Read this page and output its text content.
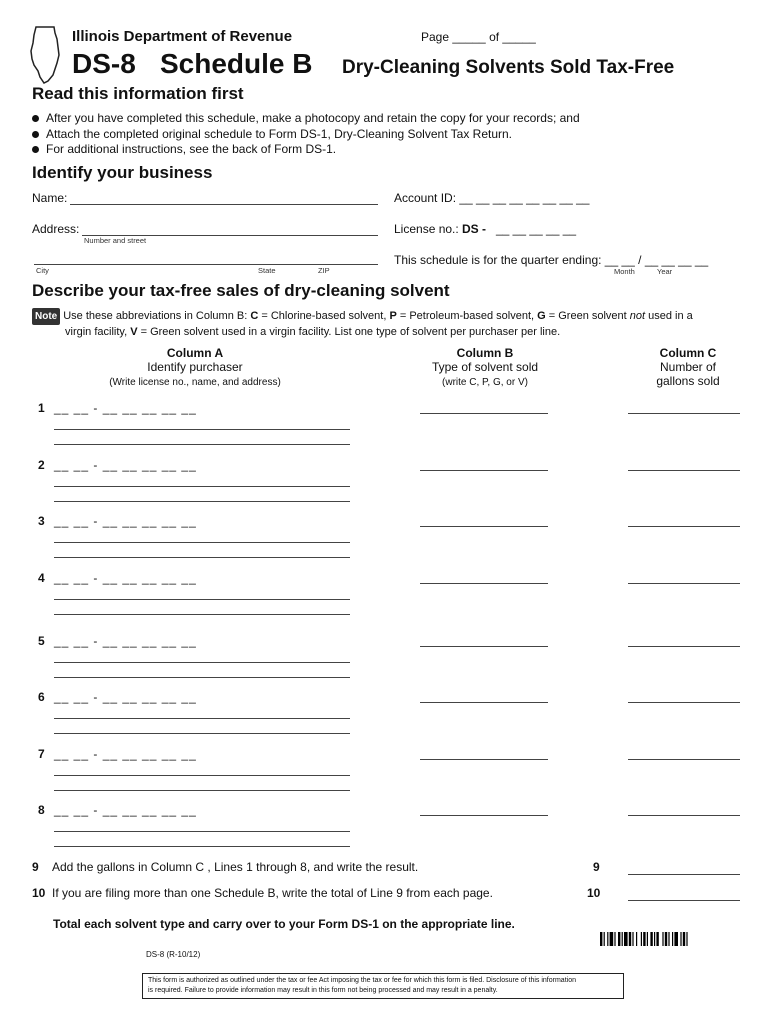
Illinois Department of Revenue	Page _____ of _____
DS-8 Schedule B Dry-Cleaning Solvents Sold Tax-Free
Read this information first
After you have completed this schedule, make a photocopy and retain the copy for your records; and
Attach the completed original schedule to Form DS-1, Dry-Cleaning Solvent Tax Return.
For additional instructions, see the back of Form DS-1.
Identify your business
Name:	Account ID: __ __ __ __ __ __ __ __
Address:
Number and street
License no.: DS - __ __ __ __ __
City	State	ZIP
This schedule is for the quarter ending: __ __ / __ __ __ __
Month	Year
Describe your tax-free sales of dry-cleaning solvent
Note Use these abbreviations in Column B: C = Chlorine-based solvent, P = Petroleum-based solvent, G = Green solvent not used in a
virgin facility, V = Green solvent used in a virgin facility. List one type of solvent per purchaser per line.
Column A
Identify purchaser
(Write license no., name, and address)
Column B
Type of solvent sold
(write C, P, G, or V)
Column C
Number of
gallons sold
1 __ __ - __ __ __ __ __
2 __ __ - __ __ __ __ __
3 __ __ - __ __ __ __ __
4 __ __ - __ __ __ __ __
5 __ __ - __ __ __ __ __
6 __ __ - __ __ __ __ __
7 __ __ - __ __ __ __ __
8 __ __ - __ __ __ __ __
9 Add the gallons in Column C , Lines 1 through 8, and write the result.	9
10 If you are filing more than one Schedule B, write the total of Line 9 from each page.	10
Total each solvent type and carry over to your Form DS-1 on the appropriate line.
DS-8 (R-10/12)
This form is authorized as outlined under the tax or fee Act imposing the tax or fee for which this form is filed. Disclosure of this information
is required. Failure to provide information may result in this form not being processed and may result in a penalty.
